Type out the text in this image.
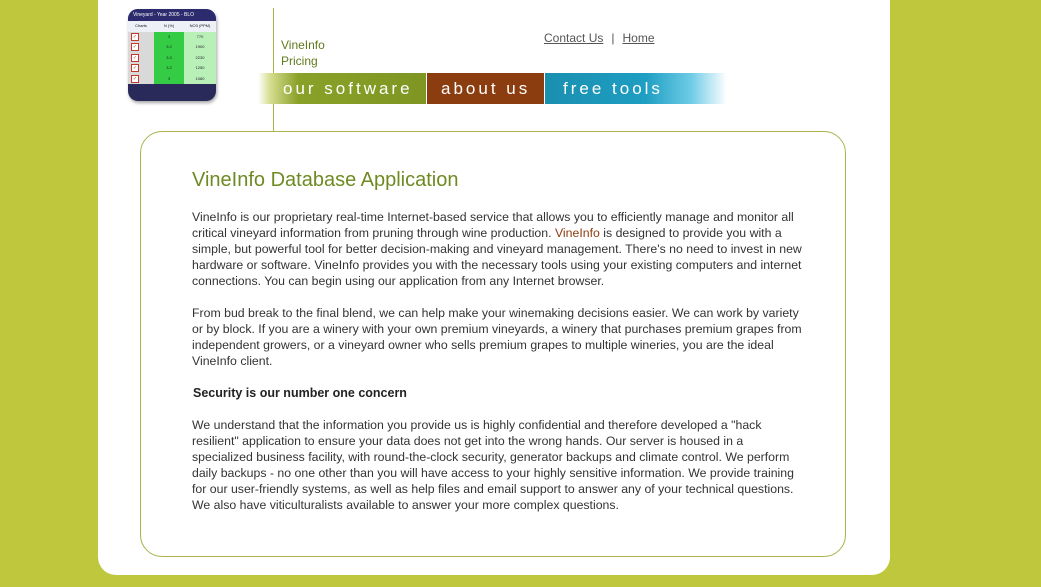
Vineyard - Year 2005 - BLO
Charts	N (%)	NO3 (PPM)
✓	3	770
✓	3.2	1900
✓	3.3	2230
✓	3.2	1250
✓	3	1080
VineInfo
Pricing
Contact Us | Home
our software	about us	free tools
VineInfo Database Application

VineInfo is our proprietary real-time Internet-based service that allows you to efficiently manage and monitor all critical vineyard information from pruning through wine production. VineInfo is designed to provide you with a simple, but powerful tool for better decision-making and vineyard management. There's no need to invest in new hardware or software. VineInfo provides you with the necessary tools using your existing computers and internet connections. You can begin using our application from any Internet browser.

From bud break to the final blend, we can help make your winemaking decisions easier. We can work by variety or by block. If you are a winery with your own premium vineyards, a winery that purchases premium grapes from independent growers, or a vineyard owner who sells premium grapes to multiple wineries, you are the ideal VineInfo client.

Security is our number one concern

We understand that the information you provide us is highly confidential and therefore developed a "hack resilient" application to ensure your data does not get into the wrong hands. Our server is housed in a specialized business facility, with round-the-clock security, generator backups and climate control. We perform daily backups - no one other than you will have access to your highly sensitive information. We provide training for our user-friendly systems, as well as help files and email support to answer any of your technical questions. We also have viticulturalists available to answer your more complex questions.
